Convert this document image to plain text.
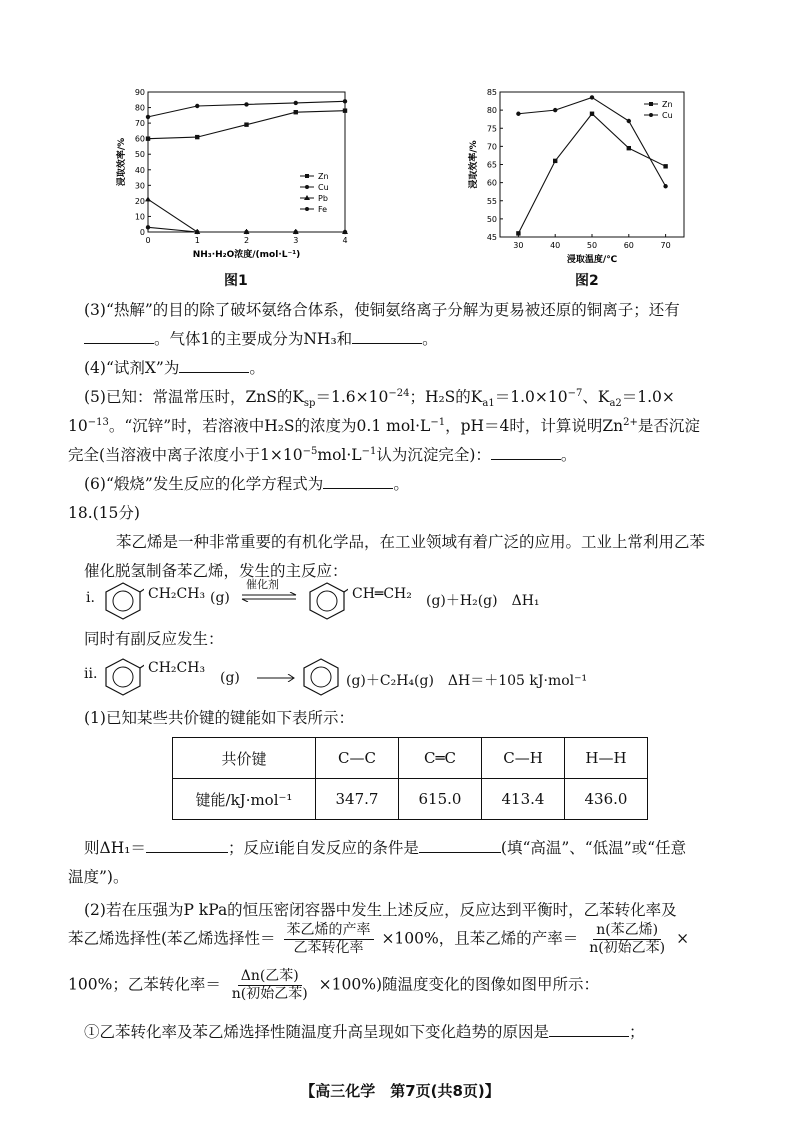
0	1	2	3	4
0
10
20
30
40
50
60
70
80
90
NH₃·H₂O浓度/(mol·L⁻¹)
浸取效率/%	Zn
Cu
Pb
Fe
图1
30	40	50	60	70
45
50
55
60
65
70
75
80
85
浸取温度/℃
浸取效率/%
Zn
Cu
图2
(3)“热解”的目的除了破坏氨络合体系，使铜氨络离子分解为更易被还原的铜离子；还有
。气体1的主要成分为NH₃和	。
(4)“试剂X”为	。
(5)已知：常温常压时，ZnS的$K_{sp}=1.6\times 10^{-24}$；H₂S的$K_{a1}=1.0\times 10^{-7}$、$K_{a2}=1.0\times$
$10^{-13}$。“沉锌”时，若溶液中H₂S的浓度为0.1 $mol\cdot L^{-1}$，pH＝4时，计算说明$Zn^{2+}$是否沉淀
完全(当溶液中离子浓度小于$1\times 10^{-5}mol\cdot L^{-1}$认为沉淀完全)：	。
(6)“煅烧”发生反应的化学方程式为	。
18.(15分)
苯乙烯是一种非常重要的有机化学品，在工业领域有着广泛的应用。工业上常利用乙苯
催化脱氢制备苯乙烯，发生的主反应：
ⅰ.	CH₂CH₃ (g)
催化剂
CH═CH₂ (g)＋H₂(g)　ΔH₁
同时有副反应发生：
ⅱ.	CH₂CH₃
(g) →	(g)＋C₂H₄(g)　ΔH＝＋105 kJ·mol⁻¹
(1)已知某些共价键的键能如下表所示：
共价键	C—C	C═C	C—H	H—H
键能/kJ·mol⁻¹	347.7	615.0	413.4	436.0
则ΔH₁＝	；反应ⅰ能自发反应的条件是	(填“高温”、“低温”或“任意
温度”)。
(2)若在压强为P kPa的恒压密闭容器中发生上述反应，反应达到平衡时，乙苯转化率及
苯乙烯选择性(苯乙烯选择性＝ $\frac{\text{苯乙烯的产率}}{\text{乙苯转化率}} \times 100\%$，且苯乙烯的产率＝ $\frac{\text{n(苯乙烯)}}{\text{n(初始乙苯)}}$ ×
100%；乙苯转化率＝ $\frac{\text{Δn(乙苯)}}{\text{n(初始乙苯)}} \times 100\%$)随温度变化的图像如图甲所示：
①乙苯转化率及苯乙烯选择性随温度升高呈现如下变化趋势的原因是	；
【高三化学　第7页(共8页)】
